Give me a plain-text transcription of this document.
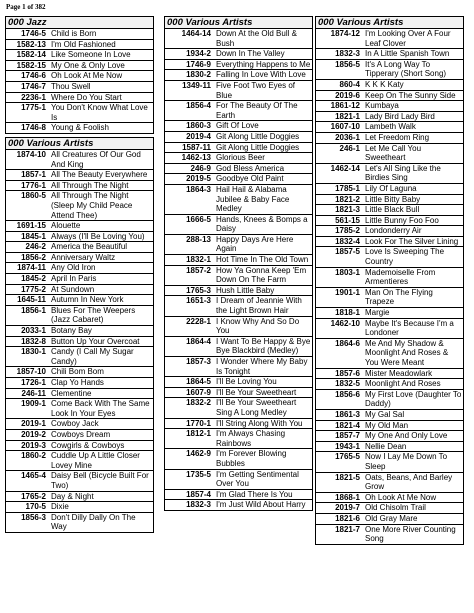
Page 1 of 382
000 Jazz
1746-5 Child is Born
1582-13 I'm Old Fashioned
1582-14 Like Someone In Love
1582-15 My One & Only Love
1746-6 Oh Look At Me Now
1746-7 Thou Swell
2236-1 Where Do You Start
1775-1 You Don't Know What Love Is
1746-8 Young & Foolish
000 Various Artists
1874-10 All Creatures Of Our God And King
1857-1 All The Beauty Everywhere
1776-1 All Through The Night
1860-5 All Through The Night (Sleep My Child Peace Attend Thee)
1691-15 Alouette
1845-1 Always (I'll Be Loving You)
246-2 America the Beautiful
1856-2 Anniversary Waltz
1874-11 Any Old Iron
1845-2 April In Paris
1775-2 At Sundown
1645-11 Autumn In New York
1856-1 Blues For The Weepers (Jazz Cabaret)
2033-1 Botany Bay
1832-8 Button Up Your Overcoat
1830-1 Candy (I Call My Sugar Candy)
1857-10 Chili Bom Bom
1726-1 Clap Yo Hands
246-11 Clementine
1909-1 Come Back With The Same Look In Your Eyes
2019-1 Cowboy Jack
2019-2 Cowboys Dream
2019-3 Cowgirls & Cowboys
1860-2 Cuddle Up A Little Closer Lovey Mine
1465-4 Daisy Bell (Bicycle Built For Two)
1765-2 Day & Night
170-5 Dixie
1856-3 Don't Dilly Dally On The Way
000 Various Artists
1464-14 Down At the Old Bull & Bush
1934-2 Down In The Valley
1746-9 Everything Happens to Me
1830-2 Falling In Love With Love
1349-11 Five Foot Two Eyes of Blue
1856-4 For The Beauty Of The Earth
1860-3 Gift Of Love
2019-4 Git Along Little Doggies
1587-11 Git Along Little Doggies
1462-13 Glorious Beer
246-9 God Bless America
2019-5 Goodbye Old Paint
1864-3 Hail Hail & Alabama Jubilee & Baby Face Medley
1666-5 Hands, Knees & Bomps a Daisy
288-13 Happy Days Are Here Again
1832-1 Hot Time In The Old Town
1857-2 How Ya Gonna Keep 'Em Down On The Farm
1765-3 Hush Little Baby
1651-3 I Dream of Jeannie With the Light Brown Hair
2228-1 I Know Why And So Do You
1864-4 I Want To Be Happy & Bye Bye Blackbird (Medley)
1857-3 I Wonder Where My Baby Is Tonight
1864-5 I'll Be Loving You
1607-9 I'll Be Your Sweetheart
1832-2 I'll Be Your Sweetheart Sing A Long Medley
1770-1 I'll String Along With You
1812-1 I'm Always Chasing Rainbows
1462-9 I'm Forever Blowing Bubbles
1735-5 I'm Getting Sentimental Over You
1857-4 I'm Glad There Is You
1832-3 I'm Just Wild About Harry
000 Various Artists
1874-12 I'm Looking Over A Four Leaf Clover
1832-3 In A Little Spanish Town
1856-5 It's A Long Way To Tipperary (Short Song)
860-4 K K K Katy
2019-6 Keep On The Sunny Side
1861-12 Kumbaya
1821-1 Lady Bird Lady Bird
1607-10 Lambeth Walk
2036-1 Let Freedom Ring
246-1 Let Me Call You Sweetheart
1462-14 Let's All Sing Like the Birdies Sing
1785-1 Lily Of Laguna
1821-2 Little Bitty Baby
1821-3 Little Black Bull
561-15 Little Bunny Foo Foo
1785-2 Londonderry Air
1832-4 Look For The Silver Lining
1857-5 Love Is Sweeping The Country
1803-1 Mademoiselle From Armentieres
1901-1 Man On The Flying Trapeze
1818-1 Margie
1462-10 Maybe It's Because I'm a Londoner
1864-6 Me And My Shadow & Moonlight And Roses & You Were Meant
1857-6 Mister Meadowlark
1832-5 Moonlight And Roses
1856-6 My First Love (Daughter To Daddy)
1861-3 My Gal Sal
1821-4 My Old Man
1857-7 My One And Only Love
1943-1 Nellie Dean
1765-5 Now I Lay Me Down To Sleep
1821-5 Oats, Beans, And Barley Grow
1868-1 Oh Look At Me Now
2019-7 Old Chisolm Trail
1821-6 Old Gray Mare
1821-7 One More River Counting Song
